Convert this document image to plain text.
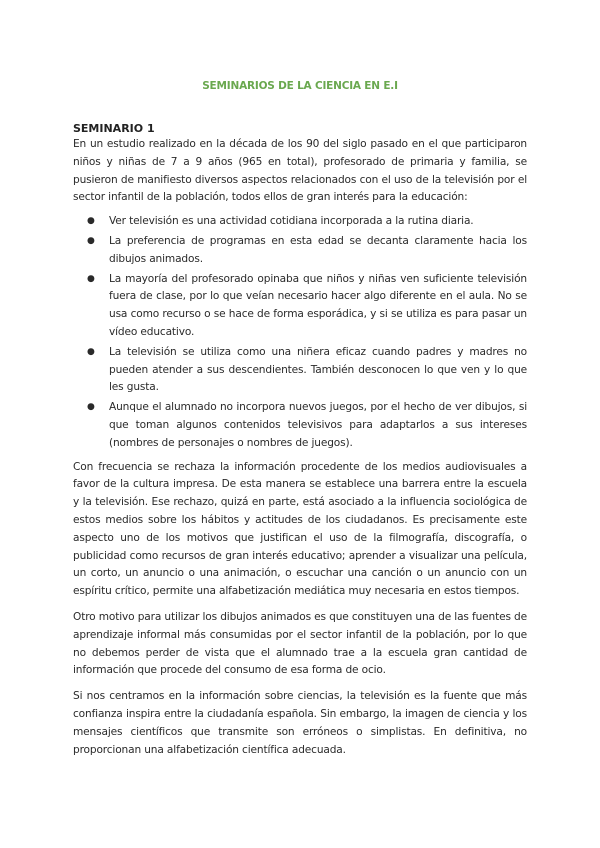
SEMINARIOS DE LA CIENCIA EN E.I
SEMINARIO 1

En un estudio realizado en la década de los 90 del siglo pasado en el que participaron niños y niñas de 7 a 9 años (965 en total), profesorado de primaria y familia, se pusieron de manifiesto diversos aspectos relacionados con el uso de la televisión por el sector infantil de la población, todos ellos de gran interés para la educación:

● Ver televisión es una actividad cotidiana incorporada a la rutina diaria.
● La preferencia de programas en esta edad se decanta claramente hacia los dibujos animados.
● La mayoría del profesorado opinaba que niños y niñas ven suficiente televisión fuera de clase, por lo que veían necesario hacer algo diferente en el aula. No se usa como recurso o se hace de forma esporádica, y si se utiliza es para pasar un vídeo educativo.
● La televisión se utiliza como una niñera eficaz cuando padres y madres no pueden atender a sus descendientes. También desconocen lo que ven y lo que les gusta.
● Aunque el alumnado no incorpora nuevos juegos, por el hecho de ver dibujos, si que toman algunos contenidos televisivos para adaptarlos a sus intereses (nombres de personajes o nombres de juegos).

Con frecuencia se rechaza la información procedente de los medios audiovisuales a favor de la cultura impresa. De esta manera se establece una barrera entre la escuela y la televisión. Ese rechazo, quizá en parte, está asociado a la influencia sociológica de estos medios sobre los hábitos y actitudes de los ciudadanos. Es precisamente este aspecto uno de los motivos que justifican el uso de la filmografía, discografía, o publicidad como recursos de gran interés educativo; aprender a visualizar una película, un corto, un anuncio o una animación, o escuchar una canción o un anuncio con un espíritu crítico, permite una alfabetización mediática muy necesaria en estos tiempos.

Otro motivo para utilizar los dibujos animados es que constituyen una de las fuentes de aprendizaje informal más consumidas por el sector infantil de la población, por lo que no debemos perder de vista que el alumnado trae a la escuela gran cantidad de información que procede del consumo de esa forma de ocio.

Si nos centramos en la información sobre ciencias, la televisión es la fuente que más confianza inspira entre la ciudadanía española. Sin embargo, la imagen de ciencia y los mensajes científicos que transmite son erróneos o simplistas. En definitiva, no proporcionan una alfabetización científica adecuada.
